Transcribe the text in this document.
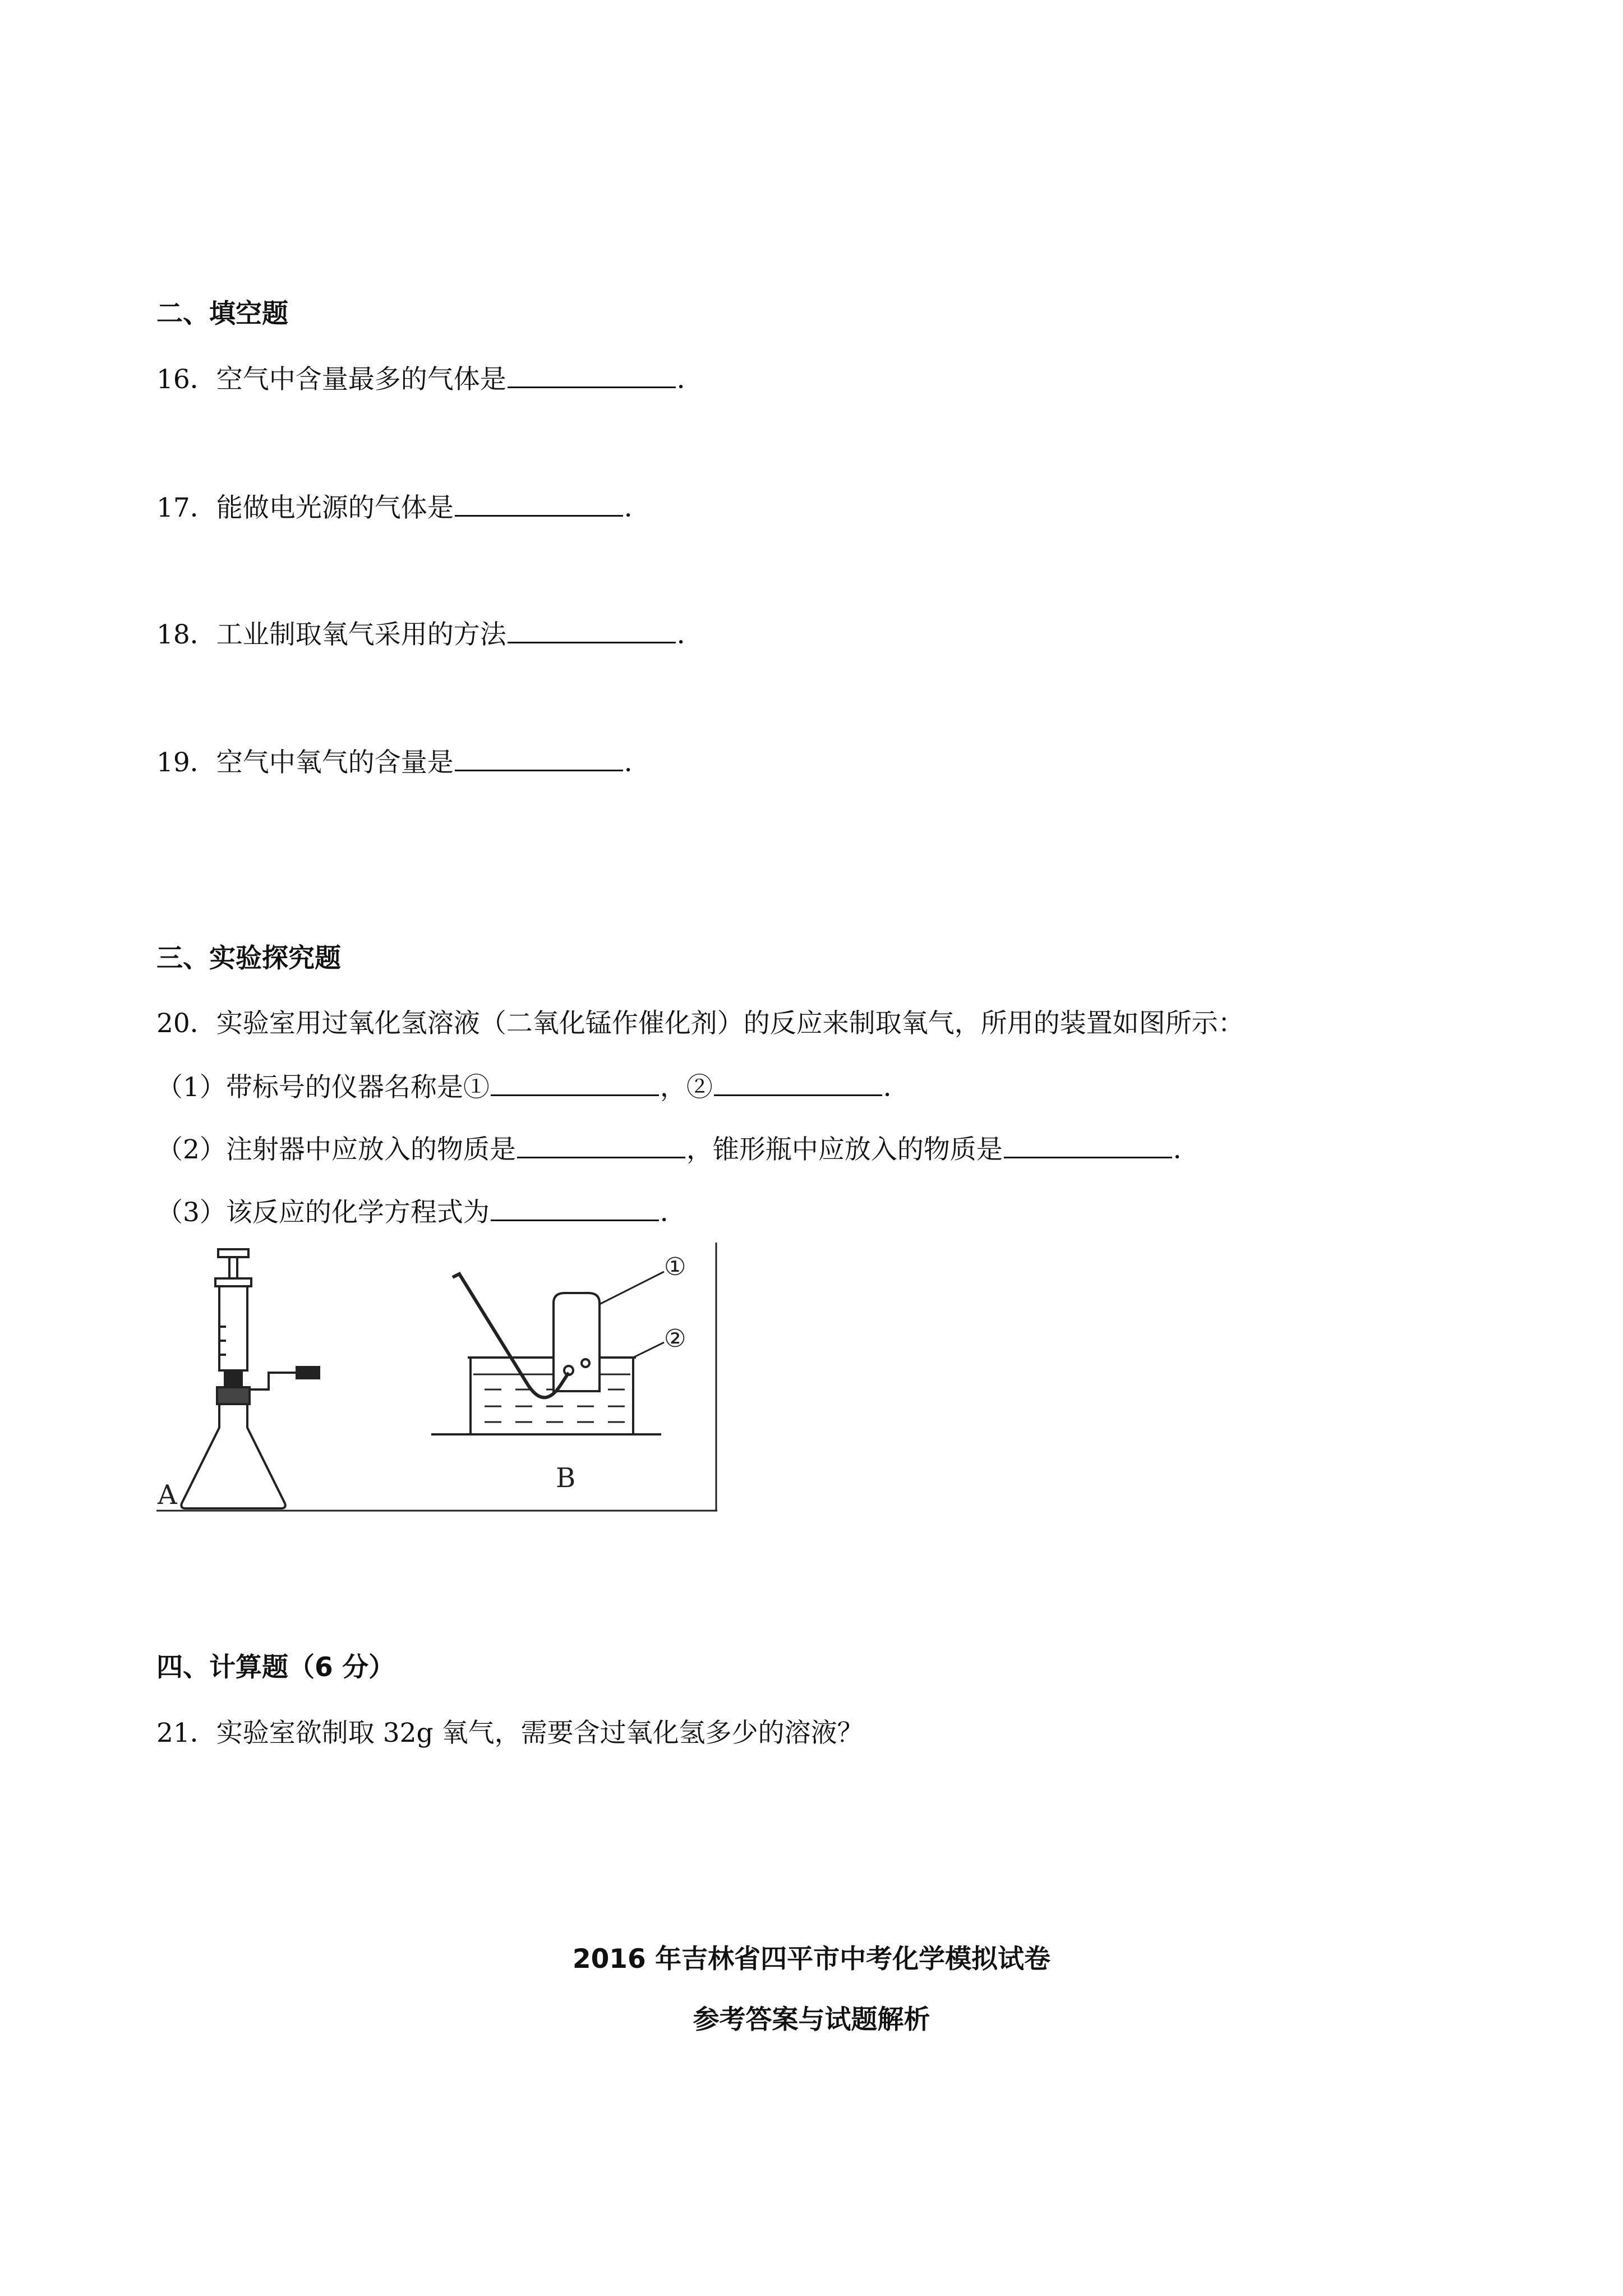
二、填空题
16．空气中含量最多的气体是	．
17．能做电光源的气体是	．
18．工业制取氧气采用的方法	．
19．空气中氧气的含量是	．
三、实验探究题
20．实验室用过氧化氢溶液（二氧化锰作催化剂）的反应来制取氧气，所用的装置如图所示：
（1）带标号的仪器名称是①	，②	．
（2）注射器中应放入的物质是	，锥形瓶中应放入的物质是	．
（3）该反应的化学方程式为	．
A
①
②
B
四、计算题（6 分）
21．实验室欲制取 32g 氧气，需要含过氧化氢多少的溶液？
2016 年吉林省四平市中考化学模拟试卷
参考答案与试题解析
